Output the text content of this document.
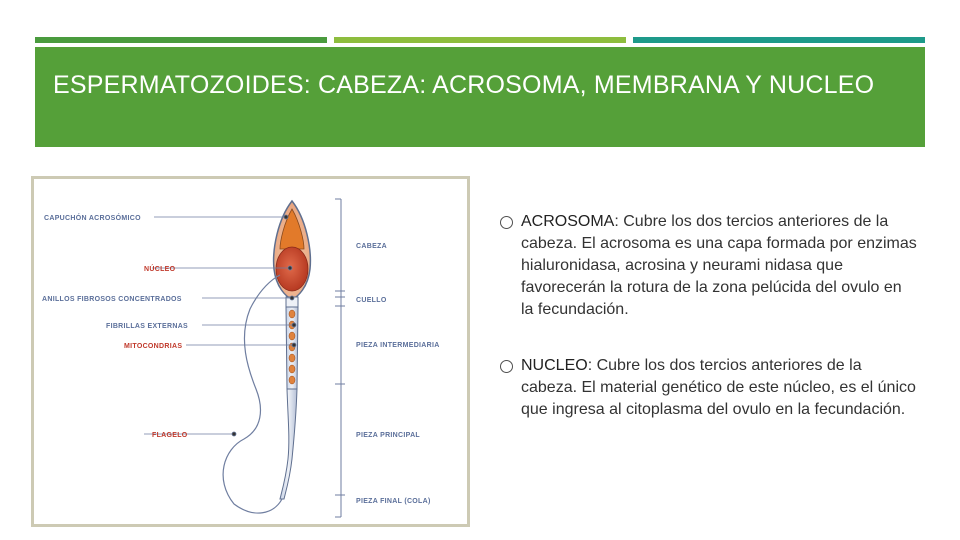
ESPERMATOZOIDES: CABEZA: ACROSOMA, MEMBRANA Y NUCLEO
CAPUCHÓN ACROSÓMICO
NÚCLEO
ANILLOS FIBROSOS CONCENTRADOS
FIBRILLAS EXTERNAS
MITOCONDRIAS
FLAGELO
CABEZA
CUELLO
PIEZA INTERMEDIARIA
PIEZA PRINCIPAL
PIEZA FINAL (COLA)
ACROSOMA: Cubre los dos tercios anteriores de la cabeza. El acrosoma es una capa formada por enzimas hialuronidasa, acrosina y neurami nidasa que favorecerán la rotura de la zona pelúcida del ovulo en la fecundación.
NUCLEO: Cubre los dos tercios anteriores de la cabeza. El material genético de este núcleo, es el único que ingresa al citoplasma del ovulo en la fecundación.
